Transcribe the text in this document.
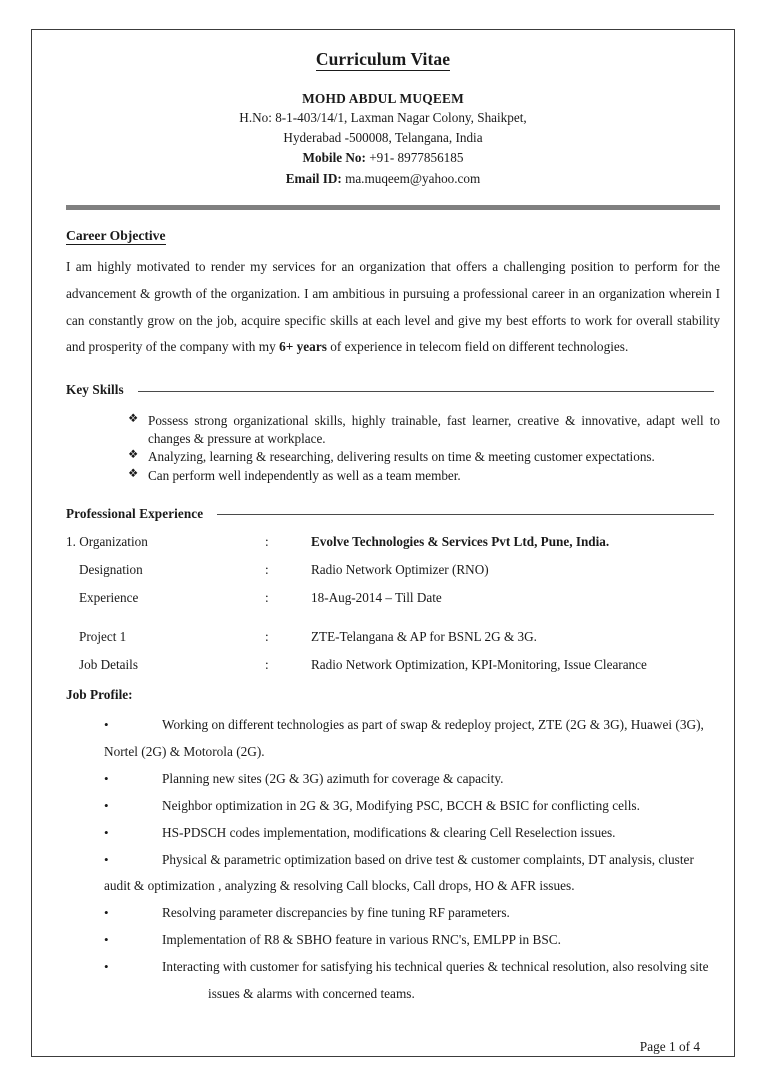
Curriculum Vitae
MOHD ABDUL MUQEEM
H.No: 8-1-403/14/1, Laxman Nagar Colony, Shaikpet,
Hyderabad -500008, Telangana, India
Mobile No: +91- 8977856185
Email ID: ma.muqeem@yahoo.com
Career Objective
I am highly motivated to render my services for an organization that offers a challenging position to perform for the advancement & growth of the organization. I am ambitious in pursuing a professional career in an organization wherein I can constantly grow on the job, acquire specific skills at each level and give my best efforts to work for overall stability and prosperity of the company with my 6+ years of experience in telecom field on different technologies.
Key Skills
❖ Possess strong organizational skills, highly trainable, fast learner, creative & innovative, adapt well to changes & pressure at workplace.
❖ Analyzing, learning & researching, delivering results on time & meeting customer expectations.
❖ Can perform well independently as well as a team member.
Professional Experience
1. Organization	:	Evolve Technologies & Services Pvt Ltd, Pune, India.
Designation	:	Radio Network Optimizer (RNO)
Experience	:	18-Aug-2014 – Till Date
Project 1	:	ZTE-Telangana & AP for BSNL 2G & 3G.
Job Details	:	Radio Network Optimization, KPI-Monitoring, Issue Clearance
Job Profile:
•	Working on different technologies as part of swap & redeploy project, ZTE (2G & 3G), Huawei (3G), Nortel (2G) & Motorola (2G).
•	Planning new sites (2G & 3G) azimuth for coverage & capacity.
•	Neighbor optimization in 2G & 3G, Modifying PSC, BCCH & BSIC for conflicting cells.
•	HS-PDSCH codes implementation, modifications & clearing Cell Reselection issues.
•	Physical & parametric optimization based on drive test & customer complaints, DT analysis, cluster audit & optimization , analyzing & resolving Call blocks, Call drops, HO & AFR issues.
•	Resolving parameter discrepancies by fine tuning RF parameters.
•	Implementation of R8 & SBHO feature in various RNC's, EMLPP in BSC.
•	Interacting with customer for satisfying his technical queries & technical resolution, also resolving siteissues & alarms with concerned teams.
Page 1 of 4
